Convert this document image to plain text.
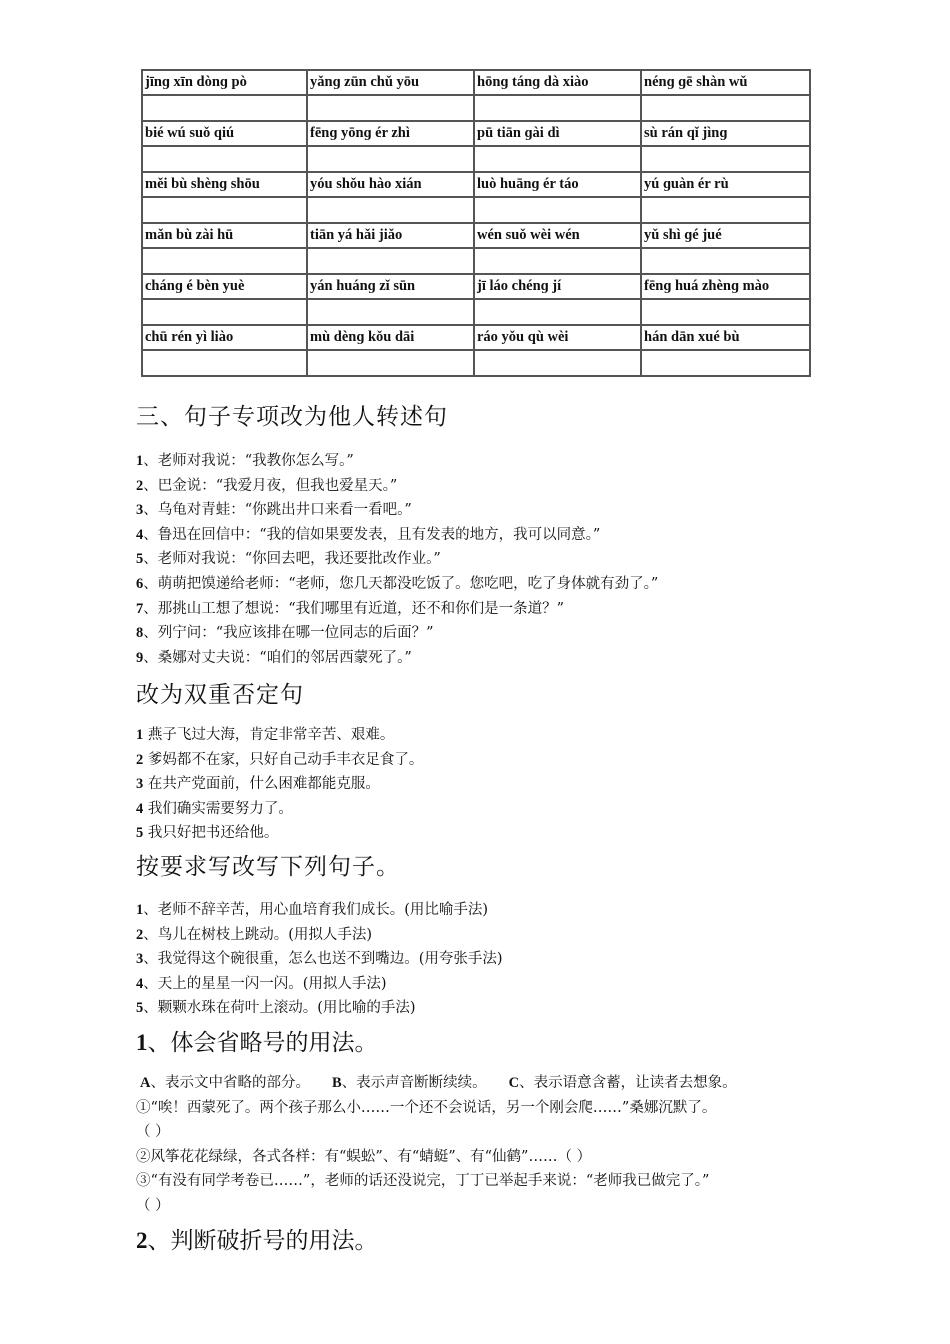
jīnɡ xīn dònɡ pò	yǎnɡ zūn chǔ yōu	hōnɡ tánɡ dà xiào	nénɡ ɡē shàn wǔ

bié wú suǒ qiú	fēnɡ yōnɡ ér zhì	pū tiān ɡài dì	sù rán qǐ jìnɡ

měi bù shènɡ shōu	yóu shǒu hào xián	luò huānɡ ér táo	yú ɡuàn ér rù

mǎn bù zài hū	tiān yá hǎi jiǎo	wén suǒ wèi wén	yǔ shì ɡé jué

chánɡ é bèn yuè	yán huánɡ zǐ sūn	jī láo chénɡ jí	fēnɡ huá zhènɡ mào

chū rén yì liào	mù dènɡ kǒu dāi	ráo yǒu qù wèi	hán dān xué bù

三、句子专项改为他人转述句
1、老师对我说：“我教你怎么写。”
2、巴金说：“我爱月夜，但我也爱星天。”
3、乌龟对青蛙：“你跳出井口来看一看吧。”
4、鲁迅在回信中：“我的信如果要发表，且有发表的地方，我可以同意。”
5、老师对我说：“你回去吧，我还要批改作业。”
6、萌萌把馍递给老师：“老师，您几天都没吃饭了。您吃吧，吃了身体就有劲了。”
7、那挑山工想了想说：“我们哪里有近道，还不和你们是一条道？”
8、列宁问：“我应该排在哪一位同志的后面？”
9、桑娜对丈夫说：“咱们的邻居西蒙死了。”
改为双重否定句
1 燕子飞过大海，肯定非常辛苦、艰难。
2 爹妈都不在家，只好自己动手丰衣足食了。
3 在共产党面前，什么困难都能克服。
4 我们确实需要努力了。
5 我只好把书还给他。
按要求写改写下列句子。
1、老师不辞辛苦，用心血培育我们成长。(用比喻手法)
2、鸟儿在树枝上跳动。(用拟人手法)
3、我觉得这个碗很重，怎么也送不到嘴边。(用夸张手法)
4、天上的星星一闪一闪。(用拟人手法)
5、颗颗水珠在荷叶上滚动。(用比喻的手法)
1、体会省略号的用法。
A、表示文中省略的部分。 B、表示声音断断续续。 C、表示语意含蓄，让读者去想象。
①“唉！西蒙死了。两个孩子那么小……一个还不会说话，另一个刚会爬……”桑娜沉默了。
（ ）
②风筝花花绿绿，各式各样：有“蜈蚣”、有“蜻蜓”、有“仙鹤”……（ ）
③“有没有同学考卷已……”，老师的话还没说完，丁丁已举起手来说：“老师我已做完了。”
（ ）
2、判断破折号的用法。
